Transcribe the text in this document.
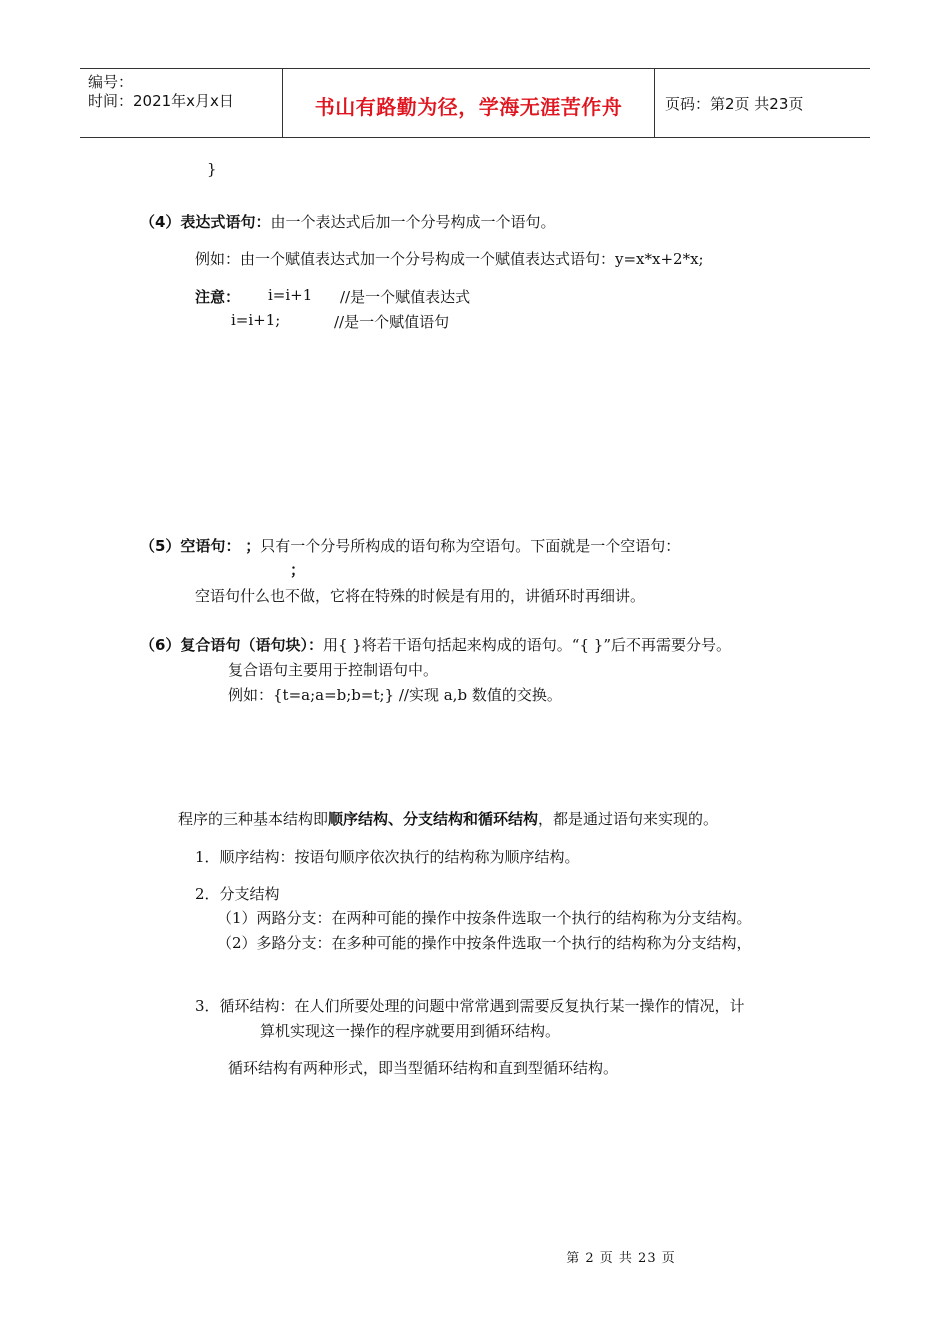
编号：
时间：2021年x月x日	书山有路勤为径，学海无涯苦作舟	页码：第2页 共23页
}
（4）表达式语句：由一个表达式后加一个分号构成一个语句。
例如：由一个赋值表达式加一个分号构成一个赋值表达式语句：y=x*x+2*x;
注意： i=i+1 //是一个赋值表达式
i=i+1;	//是一个赋值语句
（5）空语句： ；只有一个分号所构成的语句称为空语句。下面就是一个空语句：
；
空语句什么也不做，它将在特殊的时候是有用的，讲循环时再细讲。
（6）复合语句（语句块）：用{ }将若干语句括起来构成的语句。“{ }”后不再需要分号。
复合语句主要用于控制语句中。
例如：{t=a;a=b;b=t;} //实现 a,b 数值的交换。
程序的三种基本结构即顺序结构、分支结构和循环结构，都是通过语句来实现的。
1．顺序结构：按语句顺序依次执行的结构称为顺序结构。
2．分支结构
（1）两路分支：在两种可能的操作中按条件选取一个执行的结构称为分支结构。
（2）多路分支：在多种可能的操作中按条件选取一个执行的结构称为分支结构，
3．循环结构：在人们所要处理的问题中常常遇到需要反复执行某一操作的情况，计
算机实现这一操作的程序就要用到循环结构。
循环结构有两种形式，即当型循环结构和直到型循环结构。
第 2 页 共 23 页
